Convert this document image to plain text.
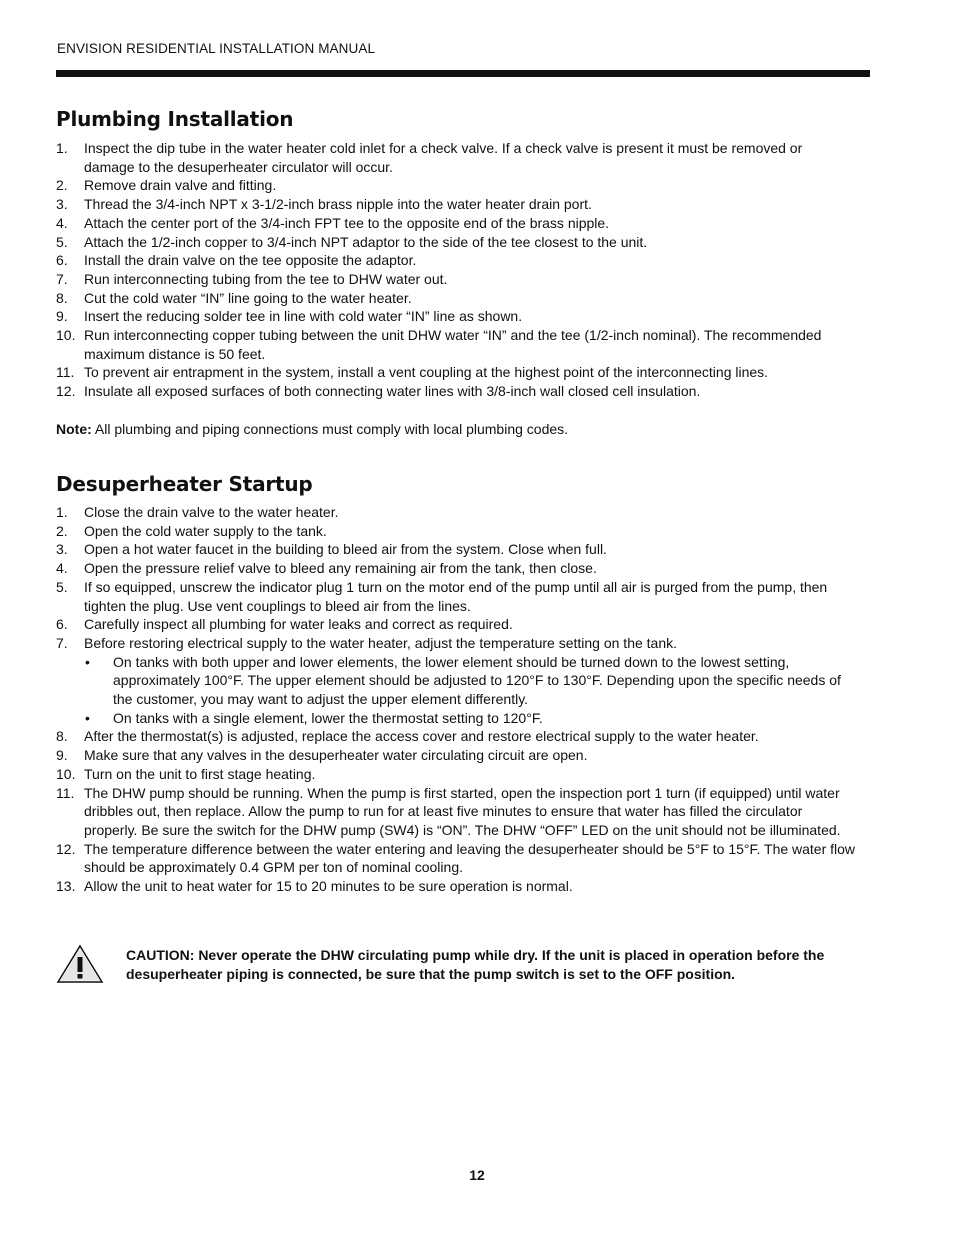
ENVISION RESIDENTIAL INSTALLATION MANUAL
Plumbing Installation
1.	Inspect the dip tube in the water heater cold inlet for a check valve. If a check valve is present it must be removed or damage to the desuperheater circulator will occur.
2.	Remove drain valve and fitting.
3.	Thread the 3/4-inch NPT x 3-1/2-inch brass nipple into the water heater drain port.
4.	Attach the center port of the 3/4-inch FPT tee to the opposite end of the brass nipple.
5.	Attach the 1/2-inch copper to 3/4-inch NPT adaptor to the side of the tee closest to the unit.
6.	Install the drain valve on the tee opposite the adaptor.
7.	Run interconnecting tubing from the tee to DHW water out.
8.	Cut the cold water “IN” line going to the water heater.
9.	Insert the reducing solder tee in line with cold water “IN” line as shown.
10. Run interconnecting copper tubing between the unit DHW water “IN” and the tee (1/2-inch nominal). The recommended maximum distance is 50 feet.
11. To prevent air entrapment in the system, install a vent coupling at the highest point of the interconnecting lines.
12. Insulate all exposed surfaces of both connecting water lines with 3/8-inch wall closed cell insulation.

Note: All plumbing and piping connections must comply with local plumbing codes.

Desuperheater Startup
1.	Close the drain valve to the water heater.
2.	Open the cold water supply to the tank.
3.	Open a hot water faucet in the building to bleed air from the system. Close when full.
4.	Open the pressure relief valve to bleed any remaining air from the tank, then close.
5.	If so equipped, unscrew the indicator plug 1 turn on the motor end of the pump until all air is purged from the pump, then tighten the plug. Use vent couplings to bleed air from the lines.
6.	Carefully inspect all plumbing for water leaks and correct as required.
7.	Before restoring electrical supply to the water heater, adjust the temperature setting on the tank.
•	On tanks with both upper and lower elements, the lower element should be turned down to the lowest setting, approximately 100°F. The upper element should be adjusted to 120°F to 130°F. Depending upon the specific needs of the customer, you may want to adjust the upper element differently.
•	On tanks with a single element, lower the thermostat setting to 120°F.
8.	After the thermostat(s) is adjusted, replace the access cover and restore electrical supply to the water heater.
9.	Make sure that any valves in the desuperheater water circulating circuit are open.
10. Turn on the unit to first stage heating.
11. The DHW pump should be running. When the pump is first started, open the inspection port 1 turn (if equipped) until water dribbles out, then replace. Allow the pump to run for at least five minutes to ensure that water has filled the circulator properly. Be sure the switch for the DHW pump (SW4) is “ON”. The DHW “OFF” LED on the unit should not be illuminated.
12. The temperature difference between the water entering and leaving the desuperheater should be 5°F to 15°F. The water flow should be approximately 0.4 GPM per ton of nominal cooling.
13. Allow the unit to heat water for 15 to 20 minutes to be sure operation is normal.

CAUTION: Never operate the DHW circulating pump while dry. If the unit is placed in operation before the desuperheater piping is connected, be sure that the pump switch is set to the OFF position.

12
